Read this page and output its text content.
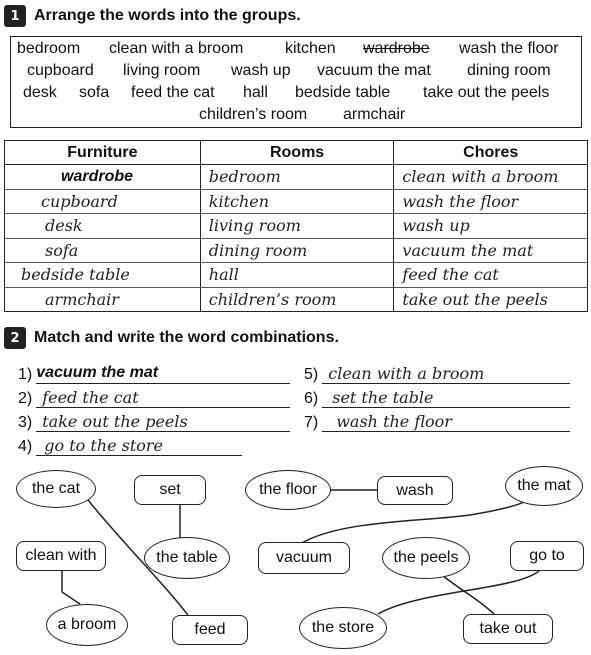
1 Arrange the words into the groups.
bedroom clean with a broom	kitchen wardrobe wash the floor
cupboard living room wash up vacuum the mat dining room
desk sofa feed the cat hall bedside table take out the peels
children’s room armchair
Furniture	Rooms	Chores
wardrobe	bedroom	clean with a broom
cupboard	kitchen	wash the floor
desk	living room	wash up
sofa	dining room	vacuum the mat
bedside table	hall	feed the cat
armchair	children’s room	take out the peels
2 Match and write the word combinations.
1) vacuum the mat
2) feed the cat
3) take out the peels
4) go to the store
5) clean with a broom
6) set the table
7)	wash the floor
the cat	set	the floor	wash	the mat
clean with	the table	vacuum	the peels	go to
a broom	feed	the store	take out
